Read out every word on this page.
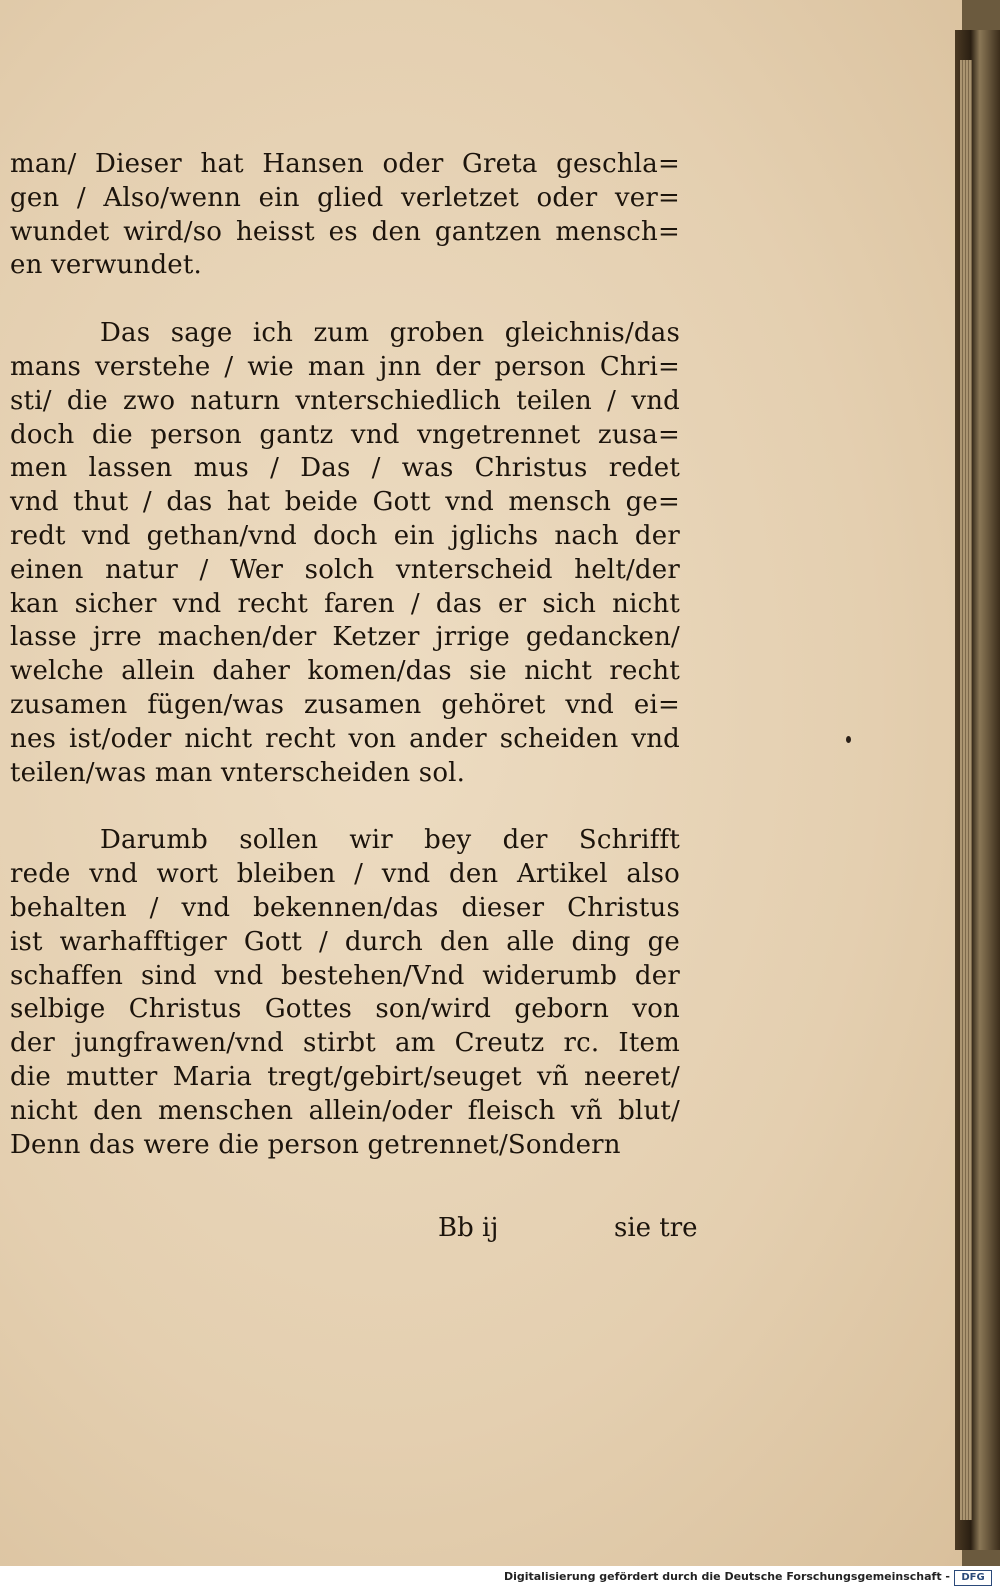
man/ Dieser hat Hansen oder Greta geschla=
gen / Also/wenn ein glied verletzet oder ver=
wundet wird/so heisst es den gantzen mensch=
en verwundet.
Das sage ich zum groben gleichnis/das
mans verstehe / wie man jnn der person Chri=
sti/ die zwo naturn vnterschiedlich teilen / vnd
doch die person gantz vnd vngetrennet zusa=
men lassen mus / Das / was Christus redet
vnd thut / das hat beide Gott vnd mensch ge=
redt vnd gethan/vnd doch ein jglichs nach der
einen natur / Wer solch vnterscheid helt/der
kan sicher vnd recht faren / das er sich nicht
lasse jrre machen/der Ketzer jrrige gedancken/
welche allein daher komen/das sie nicht recht
zusamen fügen/was zusamen gehöret vnd ei=
nes ist/oder nicht recht von ander scheiden vnd
teilen/was man vnterscheiden sol.
Darumb sollen wir bey der Schrifft
rede vnd wort bleiben / vnd den Artikel also
behalten / vnd bekennen/das dieser Christus
ist warhafftiger Gott / durch den alle ding ge
schaffen sind vnd bestehen/Vnd widerumb der
selbige Christus Gottes son/wird geborn von
der jungfrawen/vnd stirbt am Creutz rc. Item
die mutter Maria tregt/gebirt/seuget vñ neeret/
nicht den menschen allein/oder fleisch vñ blut/
Denn das were die person getrennet/Sondern
Bb ij	sie tre
Digitalisierung gefördert durch die Deutsche Forschungsgemeinschaft -	DFG
